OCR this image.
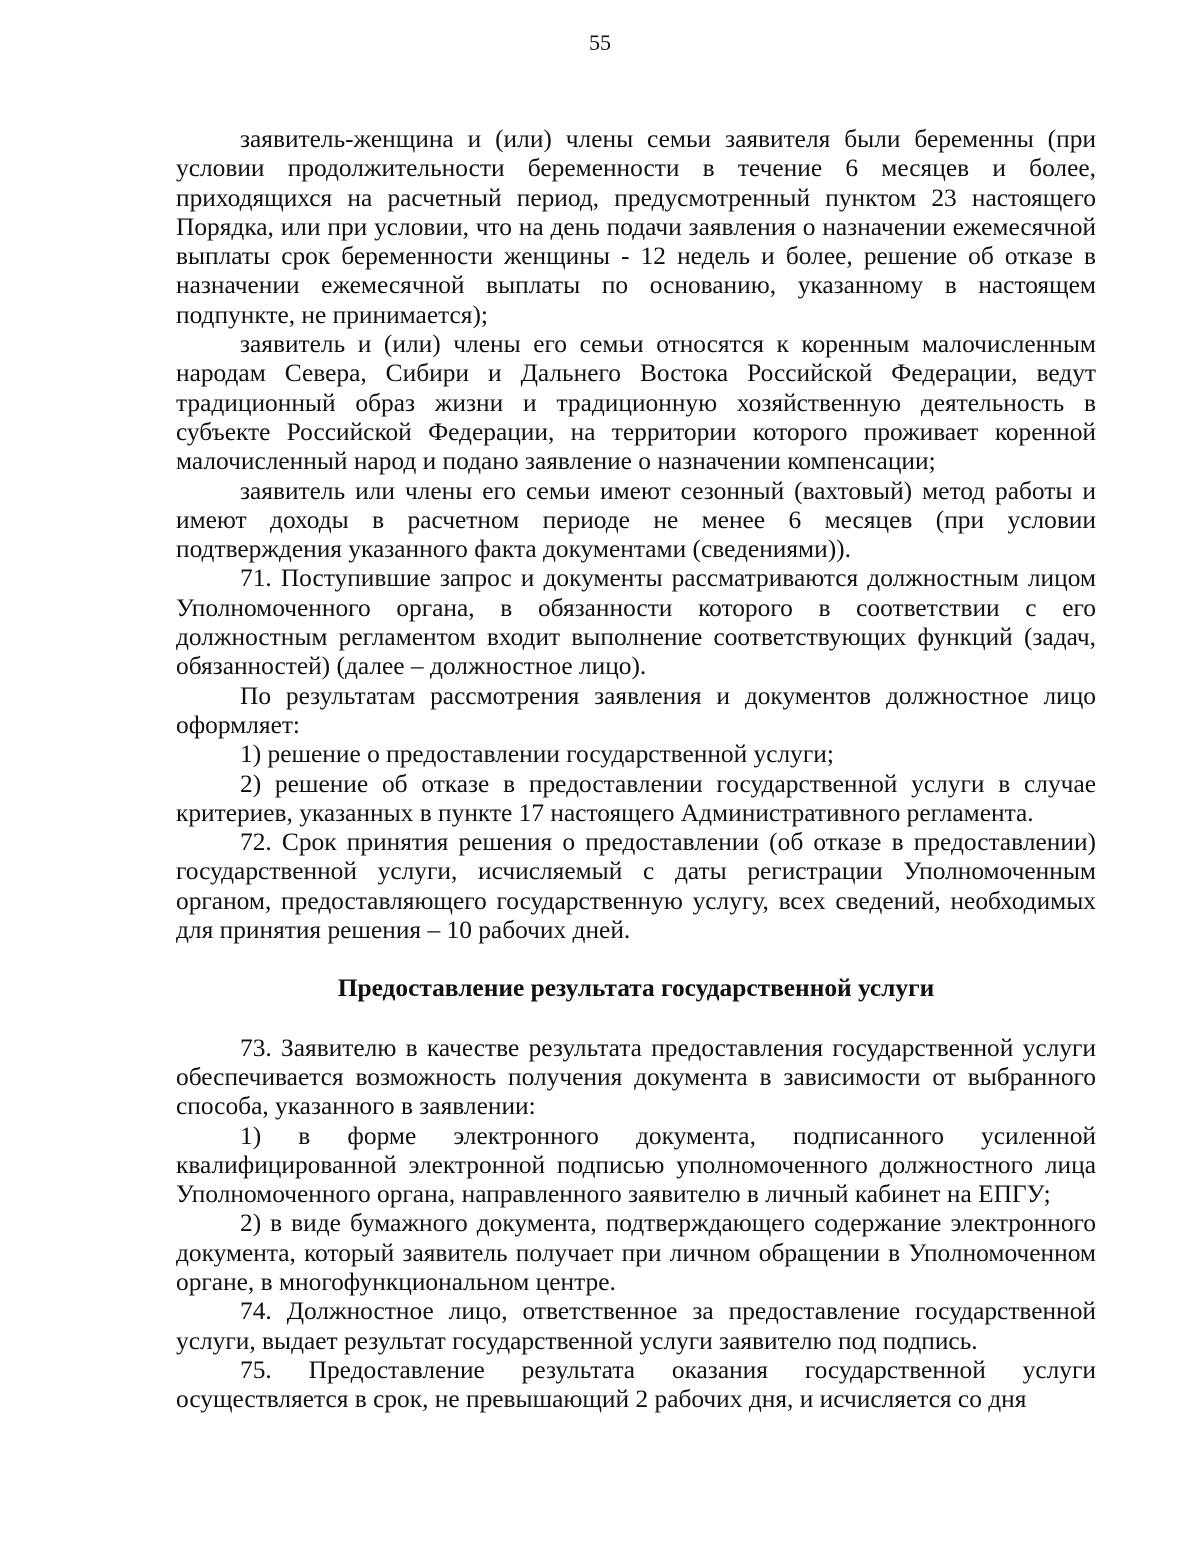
55

заявитель-женщина и (или) члены семьи заявителя были беременны (при условии продолжительности беременности в течение 6 месяцев и более, приходящихся на расчетный период, предусмотренный пунктом 23 настоящего Порядка, или при условии, что на день подачи заявления о назначении ежемесячной выплаты срок беременности женщины - 12 недель и более, решение об отказе в назначении ежемесячной выплаты по основанию, указанному в настоящем подпункте, не принимается);

заявитель и (или) члены его семьи относятся к коренным малочисленным народам Севера, Сибири и Дальнего Востока Российской Федерации, ведут традиционный образ жизни и традиционную хозяйственную деятельность в субъекте Российской Федерации, на территории которого проживает коренной малочисленный народ и подано заявление о назначении компенсации;

заявитель или члены его семьи имеют сезонный (вахтовый) метод работы и имеют доходы в расчетном периоде не менее 6 месяцев (при условии подтверждения указанного факта документами (сведениями)).

71. Поступившие запрос и документы рассматриваются должностным лицом Уполномоченного органа, в обязанности которого в соответствии с его должностным регламентом входит выполнение соответствующих функций (задач, обязанностей) (далее – должностное лицо).

По результатам рассмотрения заявления и документов должностное лицо оформляет:

1) решение о предоставлении государственной услуги;

2) решение об отказе в предоставлении государственной услуги в случае критериев, указанных в пункте 17 настоящего Административного регламента.

72. Срок принятия решения о предоставлении (об отказе в предоставлении) государственной услуги, исчисляемый с даты регистрации Уполномоченным органом, предоставляющего государственную услугу, всех сведений, необходимых для принятия решения – 10 рабочих дней.

Предоставление результата государственной услуги

73. Заявителю в качестве результата предоставления государственной услуги обеспечивается возможность получения документа в зависимости от выбранного способа, указанного в заявлении:

1) в форме электронного документа, подписанного усиленной квалифицированной электронной подписью уполномоченного должностного лица Уполномоченного органа, направленного заявителю в личный кабинет на ЕПГУ;

2) в виде бумажного документа, подтверждающего содержание электронного документа, который заявитель получает при личном обращении в Уполномоченном органе, в многофункциональном центре.

74. Должностное лицо, ответственное за предоставление государственной услуги, выдает результат государственной услуги заявителю под подпись.

75. Предоставление результата оказания государственной услуги осуществляется в срок, не превышающий 2 рабочих дня, и исчисляется со дня
